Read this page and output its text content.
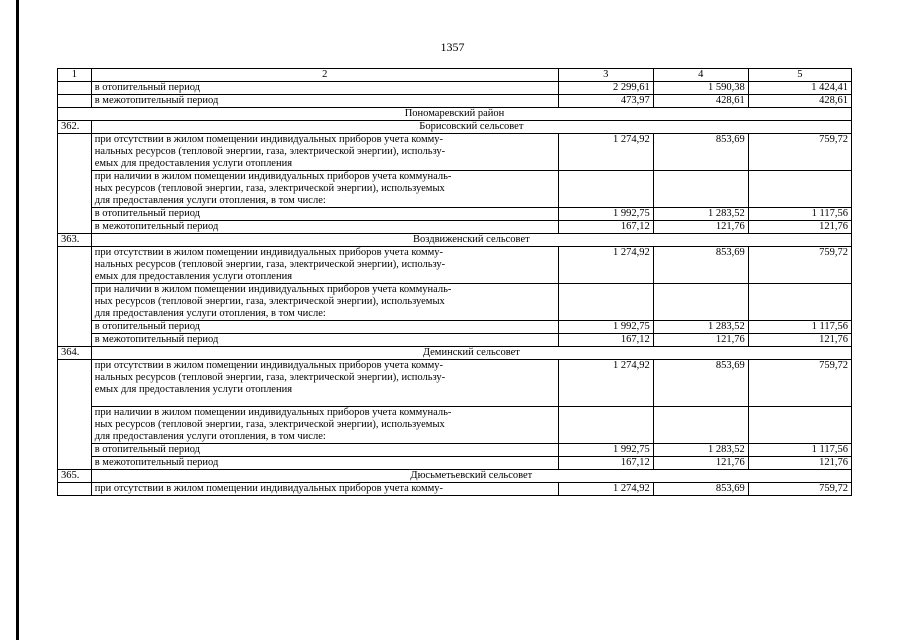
1357
1	2	3	4	5
	в отопительный период	2 299,61	1 590,38	1 424,41
	в межотопительный период	473,97	428,61	428,61
Пономаревский район				
362.	Борисовский сельсовет			

	при отсутствии в жилом помещении индивидуальных приборов учета комму-
нальных ресурсов (тепловой энергии, газа, электрической энергии), использу-
емых для предоставления услуги отопления	1 274,92	853,69	759,72

	при наличии в жилом помещении индивидуальных приборов учета коммуналь-
ных ресурсов (тепловой энергии, газа, электрической энергии), используемых
для предоставления услуги отопления, в том числе:			

	в отопительный период	1 992,75	1 283,52	1 117,56
	в межотопительный период	167,12	121,76	121,76
363.	Воздвиженский сельсовет			

	при отсутствии в жилом помещении индивидуальных приборов учета комму-
нальных ресурсов (тепловой энергии, газа, электрической энергии), использу-
емых для предоставления услуги отопления	1 274,92	853,69	759,72

	при наличии в жилом помещении индивидуальных приборов учета коммуналь-
ных ресурсов (тепловой энергии, газа, электрической энергии), используемых
для предоставления услуги отопления, в том числе:			

	в отопительный период	1 992,75	1 283,52	1 117,56
	в межотопительный период	167,12	121,76	121,76
364.	Деминский сельсовет			

	при отсутствии в жилом помещении индивидуальных приборов учета комму-
нальных ресурсов (тепловой энергии, газа, электрической энергии), использу-
емых для предоставления услуги отопления	1 274,92	853,69	759,72

	при наличии в жилом помещении индивидуальных приборов учета коммуналь-
ных ресурсов (тепловой энергии, газа, электрической энергии), используемых
для предоставления услуги отопления, в том числе:			

	в отопительный период	1 992,75	1 283,52	1 117,56
	в межотопительный период	167,12	121,76	121,76
365.	Дюсьметьевский сельсовет			

	при отсутствии в жилом помещении индивидуальных приборов учета комму-	1 274,92	853,69	759,72
